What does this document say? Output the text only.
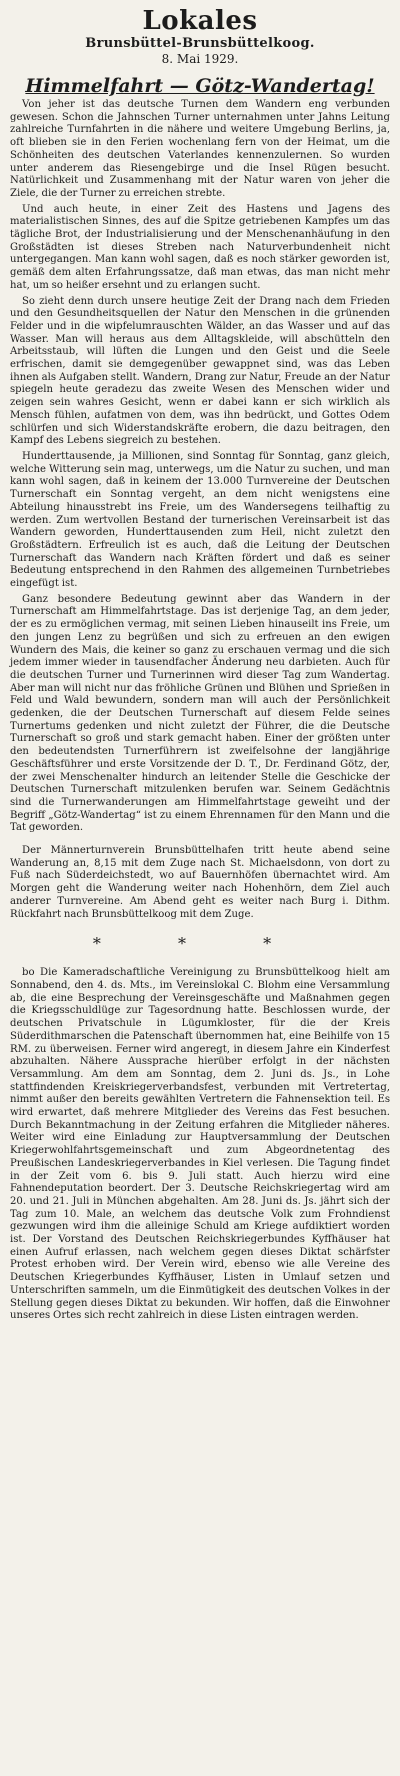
Lokales
Brunsbüttel-Brunsbüttelkoog.
8. Mai 1929.
Himmelfahrt — Götz-Wandertag!

Von jeher ist das deutsche Turnen dem Wandern eng verbunden gewesen. Schon die Jahnschen Turner unternahmen unter Jahns Leitung zahlreiche Turnfahrten in die nähere und weitere Umgebung Berlins, ja, oft blieben sie in den Ferien wochenlang fern von der Heimat, um die Schönheiten des deutschen Vaterlandes kennenzulernen. So wurden unter anderem das Riesengebirge und die Insel Rügen besucht. Natürlichkeit und Zusammenhang mit der Natur waren von jeher die Ziele, die der Turner zu erreichen strebte.

Und auch heute, in einer Zeit des Hastens und Jagens des materialistischen Sinnes, des auf die Spitze getriebenen Kampfes um das tägliche Brot, der Industrialisierung und der Menschenanhäufung in den Großstädten ist dieses Streben nach Naturverbundenheit nicht untergegangen. Man kann wohl sagen, daß es noch stärker geworden ist, gemäß dem alten Erfahrungssatze, daß man etwas, das man nicht mehr hat, um so heißer ersehnt und zu erlangen sucht.

So zieht denn durch unsere heutige Zeit der Drang nach dem Frieden und den Gesundheitsquellen der Natur den Menschen in die grünenden Felder und in die wipfelumrauschten Wälder, an das Wasser und auf das Wasser. Man will heraus aus dem Alltagskleide, will abschütteln den Arbeitsstaub, will lüften die Lungen und den Geist und die Seele erfrischen, damit sie demgegenüber gewappnet sind, was das Leben ihnen als Aufgaben stellt. Wandern, Drang zur Natur, Freude an der Natur spiegeln heute geradezu das zweite Wesen des Menschen wider und zeigen sein wahres Gesicht, wenn er dabei kann er sich wirklich als Mensch fühlen, aufatmen von dem, was ihn bedrückt, und Gottes Odem schlürfen und sich Widerstandskräfte erobern, die dazu beitragen, den Kampf des Lebens siegreich zu bestehen.

Hunderttausende, ja Millionen, sind Sonntag für Sonntag, ganz gleich, welche Witterung sein mag, unterwegs, um die Natur zu suchen, und man kann wohl sagen, daß in keinem der 13.000 Turnvereine der Deutschen Turnerschaft ein Sonntag vergeht, an dem nicht wenigstens eine Abteilung hinausstrebt ins Freie, um des Wandersegens teilhaftig zu werden. Zum wertvollen Bestand der turnerischen Vereinsarbeit ist das Wandern geworden, Hunderttausenden zum Heil, nicht zuletzt den Großstädtern. Erfreulich ist es auch, daß die Leitung der Deutschen Turnerschaft das Wandern nach Kräften fördert und daß es seiner Bedeutung entsprechend in den Rahmen des allgemeinen Turnbetriebes eingefügt ist.

Ganz besondere Bedeutung gewinnt aber das Wandern in der Turnerschaft am Himmelfahrtstage. Das ist derjenige Tag, an dem jeder, der es zu ermöglichen vermag, mit seinen Lieben hinauseilt ins Freie, um den jungen Lenz zu begrüßen und sich zu erfreuen an den ewigen Wundern des Mais, die keiner so ganz zu erschauen vermag und die sich jedem immer wieder in tausendfacher Änderung neu darbieten. Auch für die deutschen Turner und Turnerinnen wird dieser Tag zum Wandertag. Aber man will nicht nur das fröhliche Grünen und Blühen und Sprießen in Feld und Wald bewundern, sondern man will auch der Persönlichkeit gedenken, die der Deutschen Turnerschaft auf diesem Felde seines Turnertums gedenken und nicht zuletzt der Führer, die die Deutsche Turnerschaft so groß und stark gemacht haben. Einer der größten unter den bedeutendsten Turnerführern ist zweifelsohne der langjährige Geschäftsführer und erste Vorsitzende der D. T., Dr. Ferdinand Götz, der, der zwei Menschenalter hindurch an leitender Stelle die Geschicke der Deutschen Turnerschaft mitzulenken berufen war. Seinem Gedächtnis sind die Turnerwanderungen am Himmelfahrtstage geweiht und der Begriff „Götz-Wandertag“ ist zu einem Ehrennamen für den Mann und die Tat geworden.

Der Männerturnverein Brunsbüttelhafen tritt heute abend seine Wanderung an, 8,15 mit dem Zuge nach St. Michaelsdonn, von dort zu Fuß nach Süderdeichstedt, wo auf Bauernhöfen übernachtet wird. Am Morgen geht die Wanderung weiter nach Hohenhörn, dem Ziel auch anderer Turnvereine. Am Abend geht es weiter nach Burg i. Dithm. Rückfahrt nach Brunsbüttelkoog mit dem Zuge.

* * *

bo Die Kameradschaftliche Vereinigung zu Brunsbüttelkoog hielt am Sonnabend, den 4. ds. Mts., im Vereinslokal C. Blohm eine Versammlung ab, die eine Besprechung der Vereinsgeschäfte und Maßnahmen gegen die Kriegsschuldlüge zur Tagesordnung hatte. Beschlossen wurde, der deutschen Privatschule in Lügumkloster, für die der Kreis Süderdithmarschen die Patenschaft übernommen hat, eine Beihilfe von 15 RM. zu überweisen. Ferner wird angeregt, in diesem Jahre ein Kinderfest abzuhalten. Nähere Aussprache hierüber erfolgt in der nächsten Versammlung. Am dem am Sonntag, dem 2. Juni ds. Js., in Lohe stattfindenden Kreiskriegerverbandsfest, verbunden mit Vertretertag, nimmt außer den bereits gewählten Vertretern die Fahnensektion teil. Es wird erwartet, daß mehrere Mitglieder des Vereins das Fest besuchen. Durch Bekanntmachung in der Zeitung erfahren die Mitglieder näheres. Weiter wird eine Einladung zur Hauptversammlung der Deutschen Kriegerwohlfahrtsgemeinschaft und zum Abgeordnetentag des Preußischen Landeskriegerverbandes in Kiel verlesen. Die Tagung findet in der Zeit vom 6. bis 9. Juli statt. Auch hierzu wird eine Fahnendeputation beordert. Der 3. Deutsche Reichskriegertag wird am 20. und 21. Juli in München abgehalten. Am 28. Juni ds. Js. jährt sich der Tag zum 10. Male, an welchem das deutsche Volk zum Frohndienst gezwungen wird ihm die alleinige Schuld am Kriege aufdiktiert worden ist. Der Vorstand des Deutschen Reichskriegerbundes Kyffhäuser hat einen Aufruf erlassen, nach welchem gegen dieses Diktat schärfster Protest erhoben wird. Der Verein wird, ebenso wie alle Vereine des Deutschen Kriegerbundes Kyffhäuser, Listen in Umlauf setzen und Unterschriften sammeln, um die Einmütigkeit des deutschen Volkes in der Stellung gegen dieses Diktat zu bekunden. Wir hoffen, daß die Einwohner unseres Ortes sich recht zahlreich in diese Listen eintragen werden.
